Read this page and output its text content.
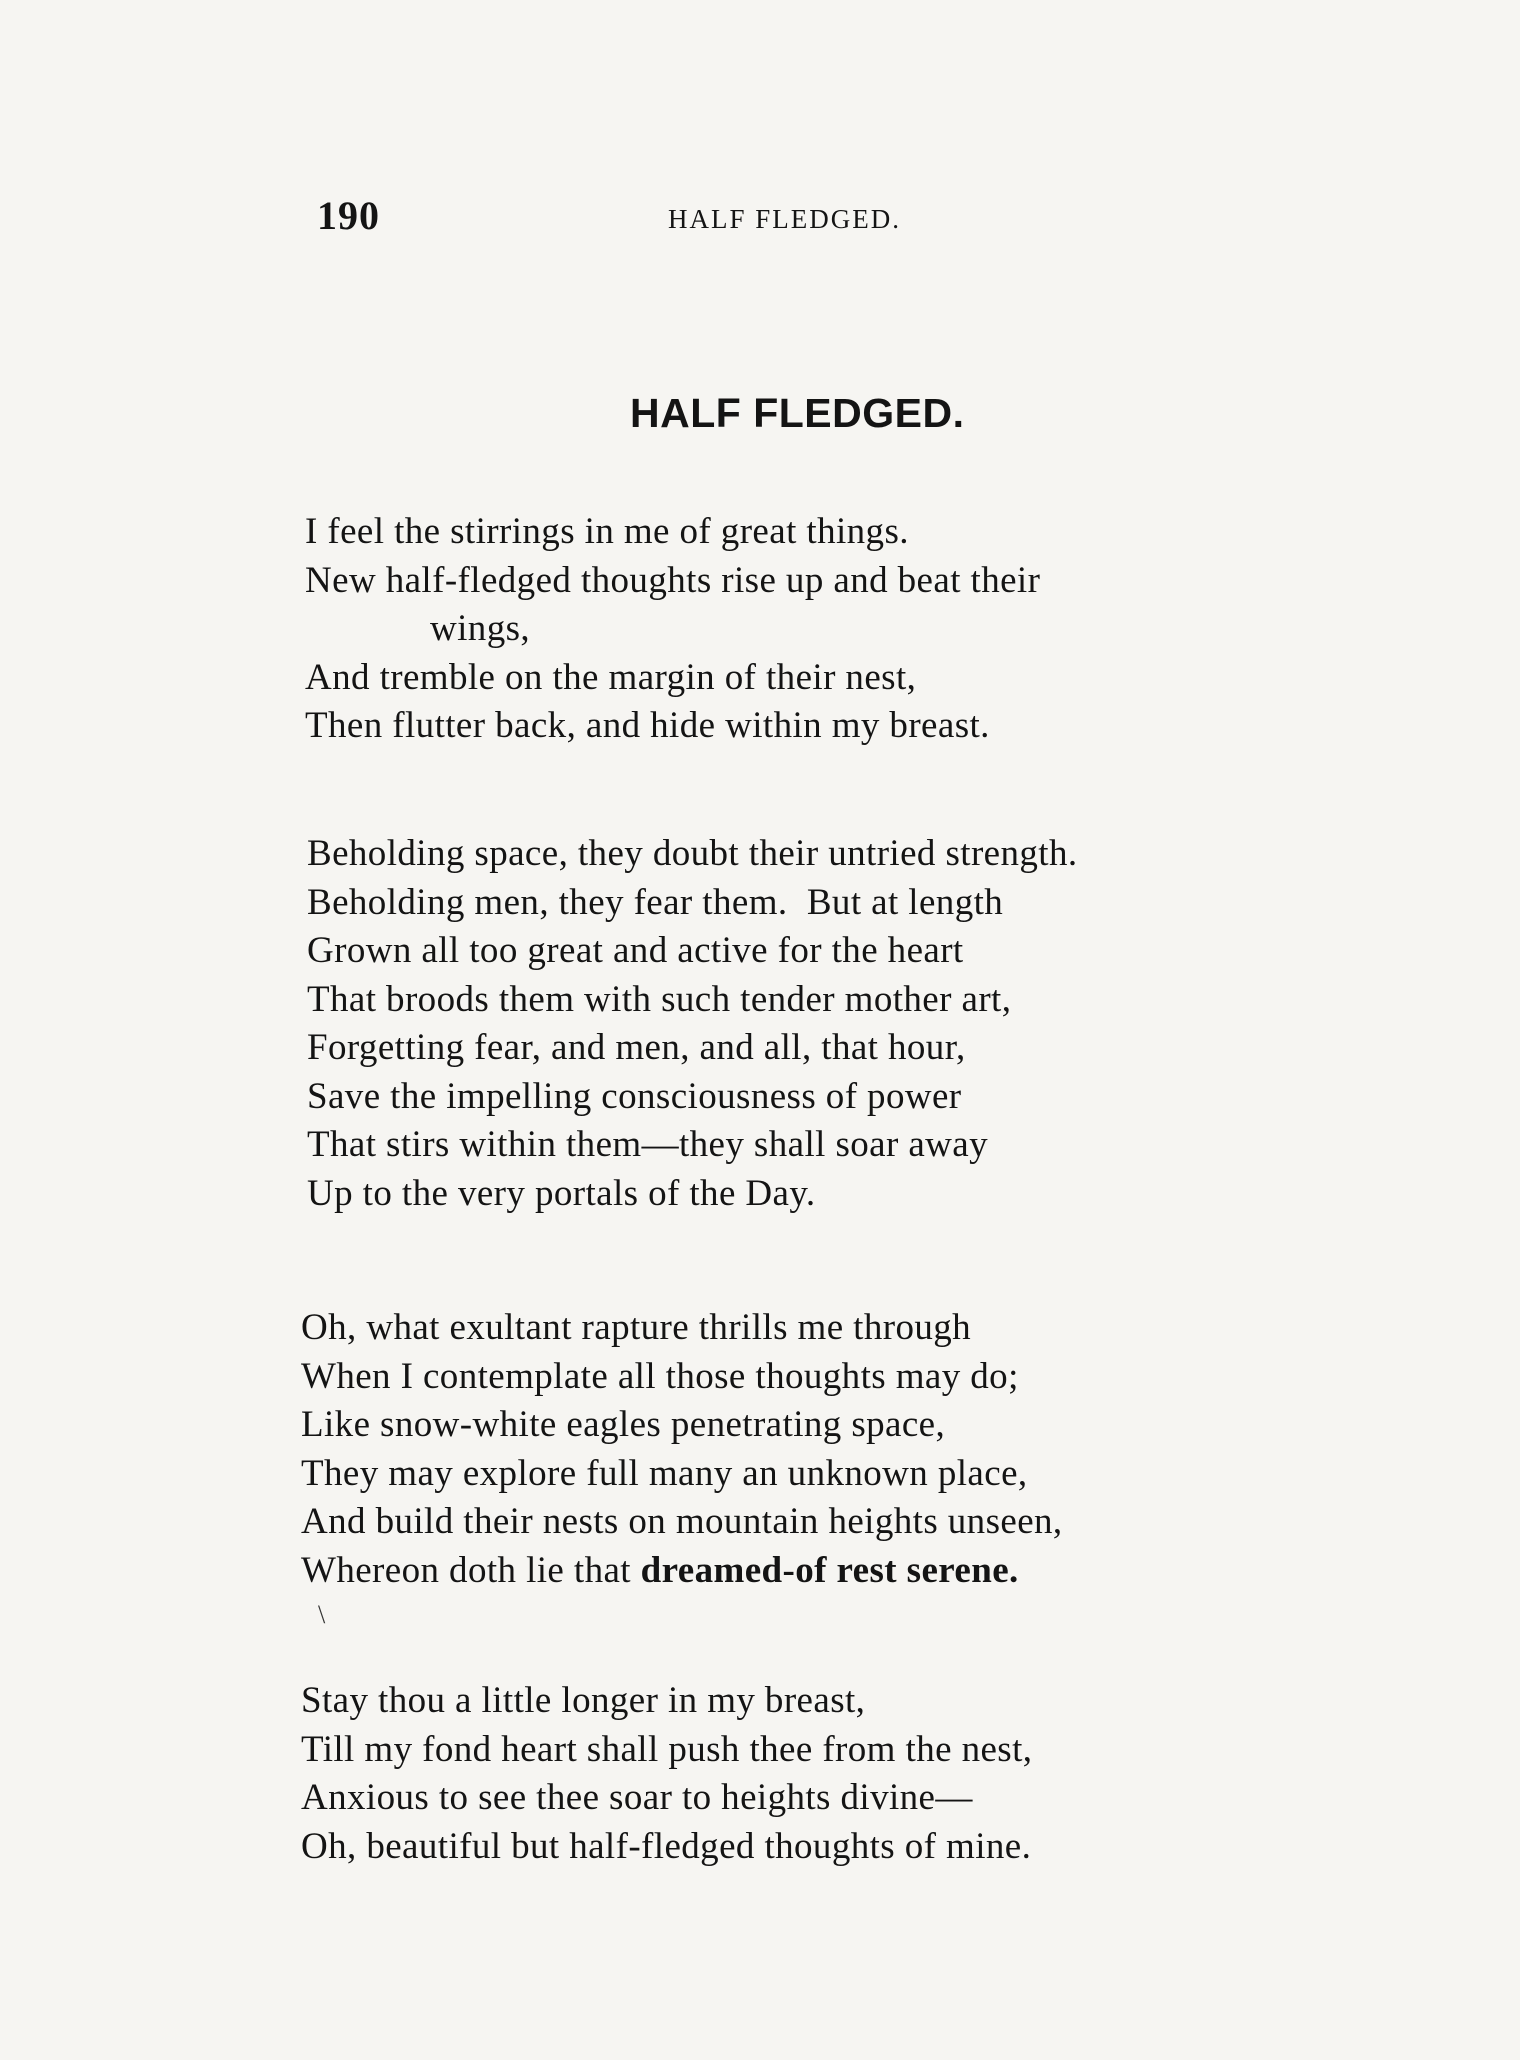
190	HALF FLEDGED.
HALF FLEDGED.
I feel the stirrings in me of great things.
New half-fledged thoughts rise up and beat their
wings,
And tremble on the margin of their nest,
Then flutter back, and hide within my breast.
Beholding space, they doubt their untried strength.
Beholding men, they fear them.  But at length
Grown all too great and active for the heart
That broods them with such tender mother art,
Forgetting fear, and men, and all, that hour,
Save the impelling consciousness of power
That stirs within them—they shall soar away
Up to the very portals of the Day.
Oh, what exultant rapture thrills me through
When I contemplate all those thoughts may do;
Like snow-white eagles penetrating space,
They may explore full many an unknown place,
And build their nests on mountain heights unseen,
Whereon doth lie that dreamed-of rest serene.
Stay thou a little longer in my breast,
Till my fond heart shall push thee from the nest,
Anxious to see thee soar to heights divine—
Oh, beautiful but half-fledged thoughts of mine.
\
